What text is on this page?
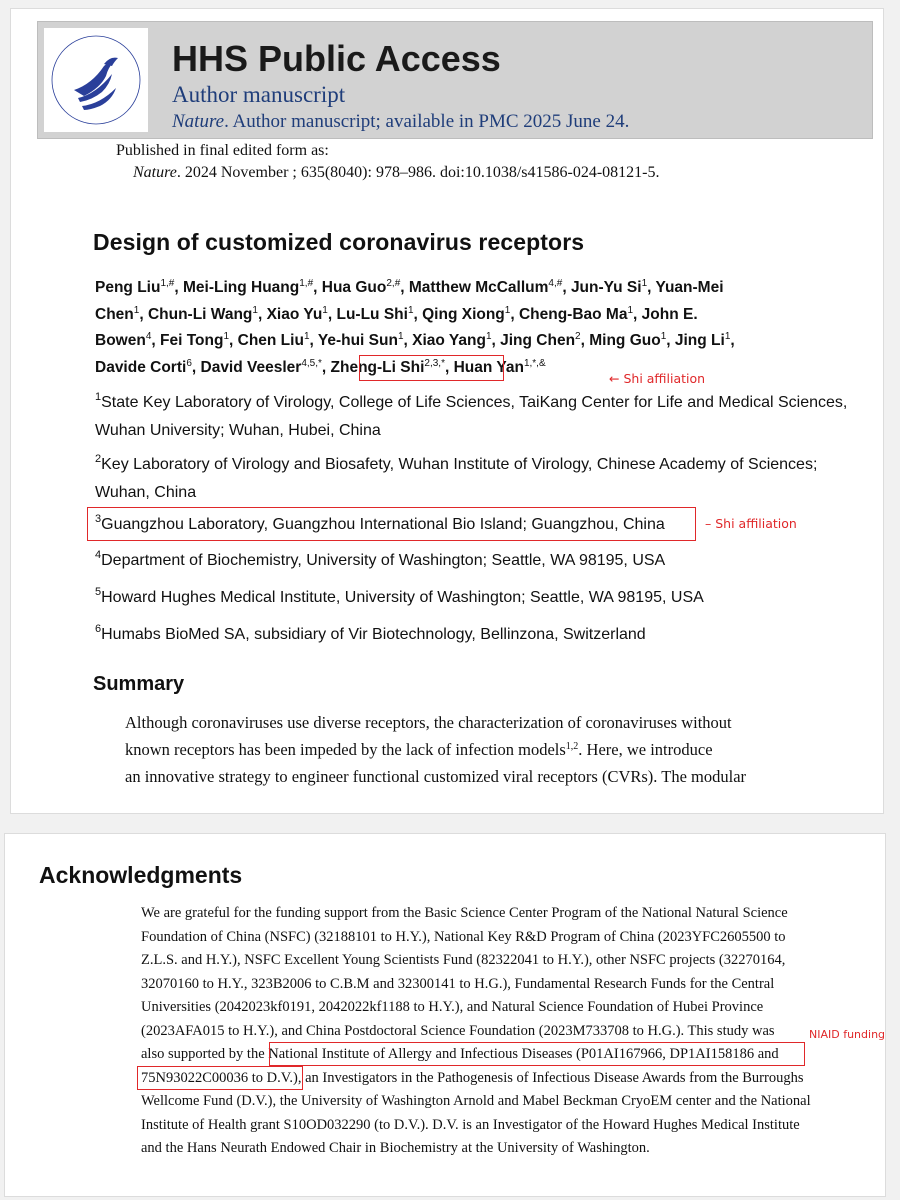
HHS Public Access
Author manuscript
Nature. Author manuscript; available in PMC 2025 June 24.
Published in final edited form as:
Nature. 2024 November ; 635(8040): 978–986. doi:10.1038/s41586-024-08121-5.
Design of customized coronavirus receptors
Peng Liu$^{1,\#}$, Mei-Ling Huang$^{1,\#}$, Hua Guo$^{2,\#}$, Matthew McCallum$^{4,\#}$, Jun-Yu Si$^1$, Yuan-Mei
Chen$^1$, Chun-Li Wang$^1$, Xiao Yu$^1$, Lu-Lu Shi$^1$, Qing Xiong$^1$, Cheng-Bao Ma$^1$, John E.
Bowen$^4$, Fei Tong$^1$, Chen Liu$^1$, Ye-hui Sun$^1$, Xiao Yang$^1$, Jing Chen$^2$, Ming Guo$^1$, Jing Li$^1$,
Davide Corti$^6$, David Veesler$^{4,5,*}$, Zheng-Li Shi$^{2,3,*}$, Huan Yan$^{1,*,\&}$
$^1$State Key Laboratory of Virology, College of Life Sciences, TaiKang Center for Life and Medical Sciences, Wuhan University; Wuhan, Hubei, China
$^2$Key Laboratory of Virology and Biosafety, Wuhan Institute of Virology, Chinese Academy of Sciences; Wuhan, China
$^3$Guangzhou Laboratory, Guangzhou International Bio Island; Guangzhou, China
$^4$Department of Biochemistry, University of Washington; Seattle, WA 98195, USA
$^5$Howard Hughes Medical Institute, University of Washington; Seattle, WA 98195, USA
$^6$Humabs BioMed SA, subsidiary of Vir Biotechnology, Bellinzona, Switzerland
Summary
Although coronaviruses use diverse receptors, the characterization of coronaviruses without
known receptors has been impeded by the lack of infection models$^{1,2}$. Here, we introduce
an innovative strategy to engineer functional customized viral receptors (CVRs). The modular
← Shi affiliation
– Shi affiliation
Acknowledgments
We are grateful for the funding support from the Basic Science Center Program of the National Natural Science
Foundation of China (NSFC) (32188101 to H.Y.), National Key R&D Program of China (2023YFC2605500 to
Z.L.S. and H.Y.), NSFC Excellent Young Scientists Fund (82322041 to H.Y.), other NSFC projects (32270164,
32070160 to H.Y., 323B2006 to C.B.M and 32300141 to H.G.), Fundamental Research Funds for the Central
Universities (2042023kf0191, 2042022kf1188 to H.Y.), and Natural Science Foundation of Hubei Province
(2023AFA015 to H.Y.), and China Postdoctoral Science Foundation (2023M733708 to H.G.). This study was
also supported by the National Institute of Allergy and Infectious Diseases (P01AI167966, DP1AI158186 and
75N93022C00036 to D.V.), an Investigators in the Pathogenesis of Infectious Disease Awards from the Burroughs
Wellcome Fund (D.V.), the University of Washington Arnold and Mabel Beckman CryoEM center and the National
Institute of Health grant S10OD032290 (to D.V.). D.V. is an Investigator of the Howard Hughes Medical Institute
and the Hans Neurath Endowed Chair in Biochemistry at the University of Washington.
NIAID funding
